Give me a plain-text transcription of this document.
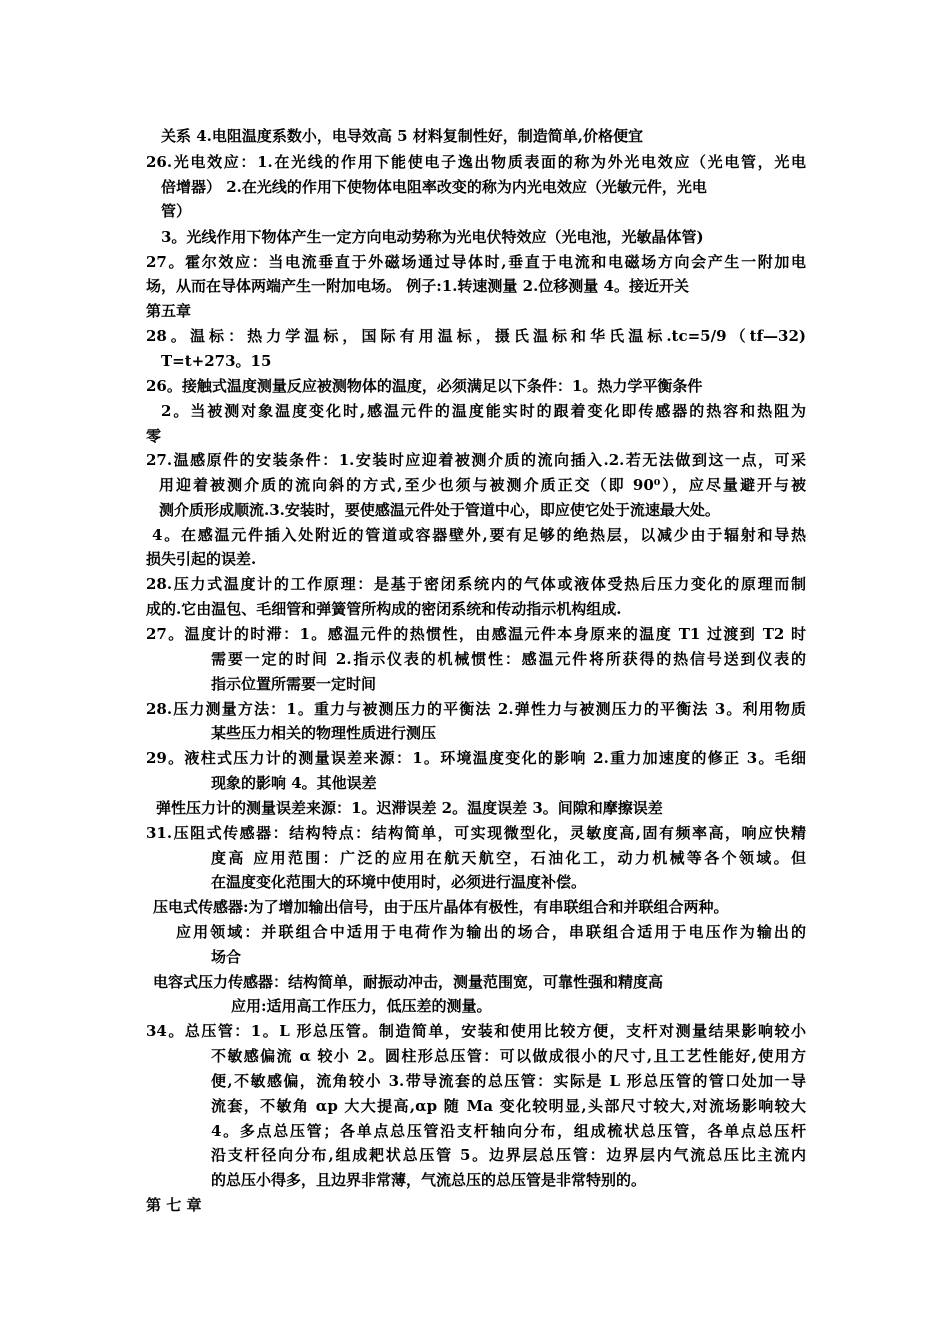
关系 4.电阻温度系数小，电导效高 5 材料复制性好，制造简单,价格便宜
26.光电效应：1.在光线的作用下能使电子逸出物质表面的称为外光电效应（光电管，光电
倍增器） 2.在光线的作用下使物体电阻率改变的称为内光电效应（光敏元件，光电
管）
3。光线作用下物体产生一定方向电动势称为光电伏特效应（光电池，光敏晶体管)
27。霍尔效应：当电流垂直于外磁场通过导体时,垂直于电流和电磁场方向会产生一附加电
场，从而在导体两端产生一附加电场。 例子:1.转速测量 2.位移测量 4。接近开关
第五章
28。温标：热力学温标，国际有用温标，摄氏温标和华氏温标.tc=5/9（tf—32)
T=t+273。15
26。接触式温度测量反应被测物体的温度，必须满足以下条件：1。热力学平衡条件
2。当被测对象温度变化时,感温元件的温度能实时的跟着变化即传感器的热容和热阻为
零
27.温感原件的安装条件：1.安装时应迎着被测介质的流向插入.2.若无法做到这一点，可采
用迎着被测介质的流向斜的方式,至少也须与被测介质正交（即 90⁰），应尽量避开与被
测介质形成顺流.3.安装时，要使感温元件处于管道中心，即应使它处于流速最大处。
4。在感温元件插入处附近的管道或容器壁外,要有足够的绝热层，以减少由于辐射和导热
损失引起的误差.
28.压力式温度计的工作原理：是基于密闭系统内的气体或液体受热后压力变化的原理而制
成的.它由温包、毛细管和弹簧管所构成的密闭系统和传动指示机构组成.
27。温度计的时滞：1。感温元件的热惯性，由感温元件本身原来的温度 T1 过渡到 T2 时
需要一定的时间 2.指示仪表的机械惯性：感温元件将所获得的热信号送到仪表的
指示位置所需要一定时间
28.压力测量方法：1。重力与被测压力的平衡法 2.弹性力与被测压力的平衡法 3。利用物质
某些压力相关的物理性质进行测压
29。液柱式压力计的测量误差来源：1。环境温度变化的影响 2.重力加速度的修正 3。毛细
现象的影响 4。其他误差
弹性压力计的测量误差来源：1。迟滞误差 2。温度误差 3。间隙和摩擦误差
31.压阻式传感器：结构特点：结构简单，可实现微型化，灵敏度高,固有频率高，响应快精
度高 应用范围：广泛的应用在航天航空，石油化工，动力机械等各个领域。但
在温度变化范围大的环境中使用时，必须进行温度补偿。
压电式传感器:为了增加输出信号，由于压片晶体有极性，有串联组合和并联组合两种。
应用领域：并联组合中适用于电荷作为输出的场合，串联组合适用于电压作为输出的
场合
电容式压力传感器：结构简单，耐振动冲击，测量范围宽，可靠性强和精度高
应用:适用高工作压力，低压差的测量。
34。总压管：1。L 形总压管。制造简单，安装和使用比较方便，支杆对测量结果影响较小
不敏感偏流 α 较小 2。圆柱形总压管：可以做成很小的尺寸,且工艺性能好,使用方
便,不敏感偏，流角较小 3.带导流套的总压管：实际是 L 形总压管的管口处加一导
流套，不敏角 αp 大大提高,αp 随 Ma 变化较明显,头部尺寸较大,对流场影响较大
4。多点总压管；各单点总压管沿支杆轴向分布，组成梳状总压管，各单点总压杆
沿支杆径向分布,组成耙状总压管 5。边界层总压管：边界层内气流总压比主流内
的总压小得多，且边界非常薄，气流总压的总压管是非常特别的。
第 七 章
